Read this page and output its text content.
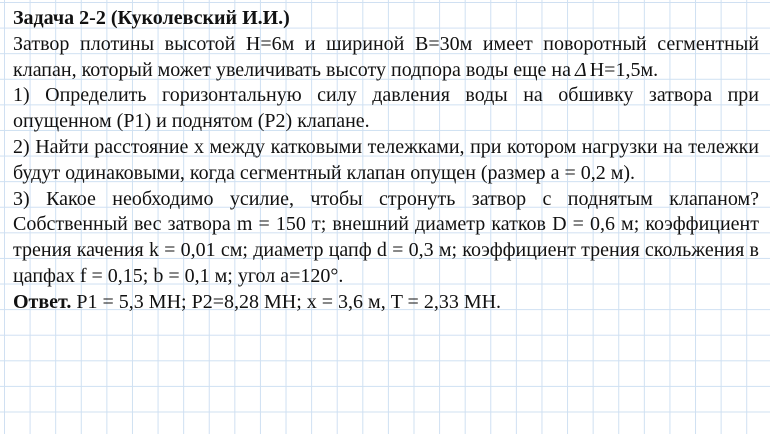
Задача 2-2 (Куколевский И.И.)

Затвор плотины высотой H=6м и шириной B=30м имеет поворотный сегментный клапан, который может увеличивать высоту подпора воды еще на Δ H=1,5м.

1) Определить горизонтальную силу давления воды на обшивку затвора при опущенном (P1) и поднятом (P2) клапане.

2) Найти расстояние x между катковыми тележками, при котором нагрузки на тележки будут одинаковыми, когда сегментный клапан опущен (размер a = 0,2 м).

3) Какое необходимо усилие, чтобы стронуть затвор с поднятым клапаном? Собственный вес затвора m = 150 т; внешний диаметр катков D = 0,6 м; коэффициент трения качения k = 0,01 см; диаметр цапф d = 0,3 м; коэффициент трения скольжения в цапфах f = 0,15; b = 0,1 м; угол a=120°.

Ответ. P1 = 5,3 МН; P2=8,28 МН; x = 3,6 м, T = 2,33 МН.
